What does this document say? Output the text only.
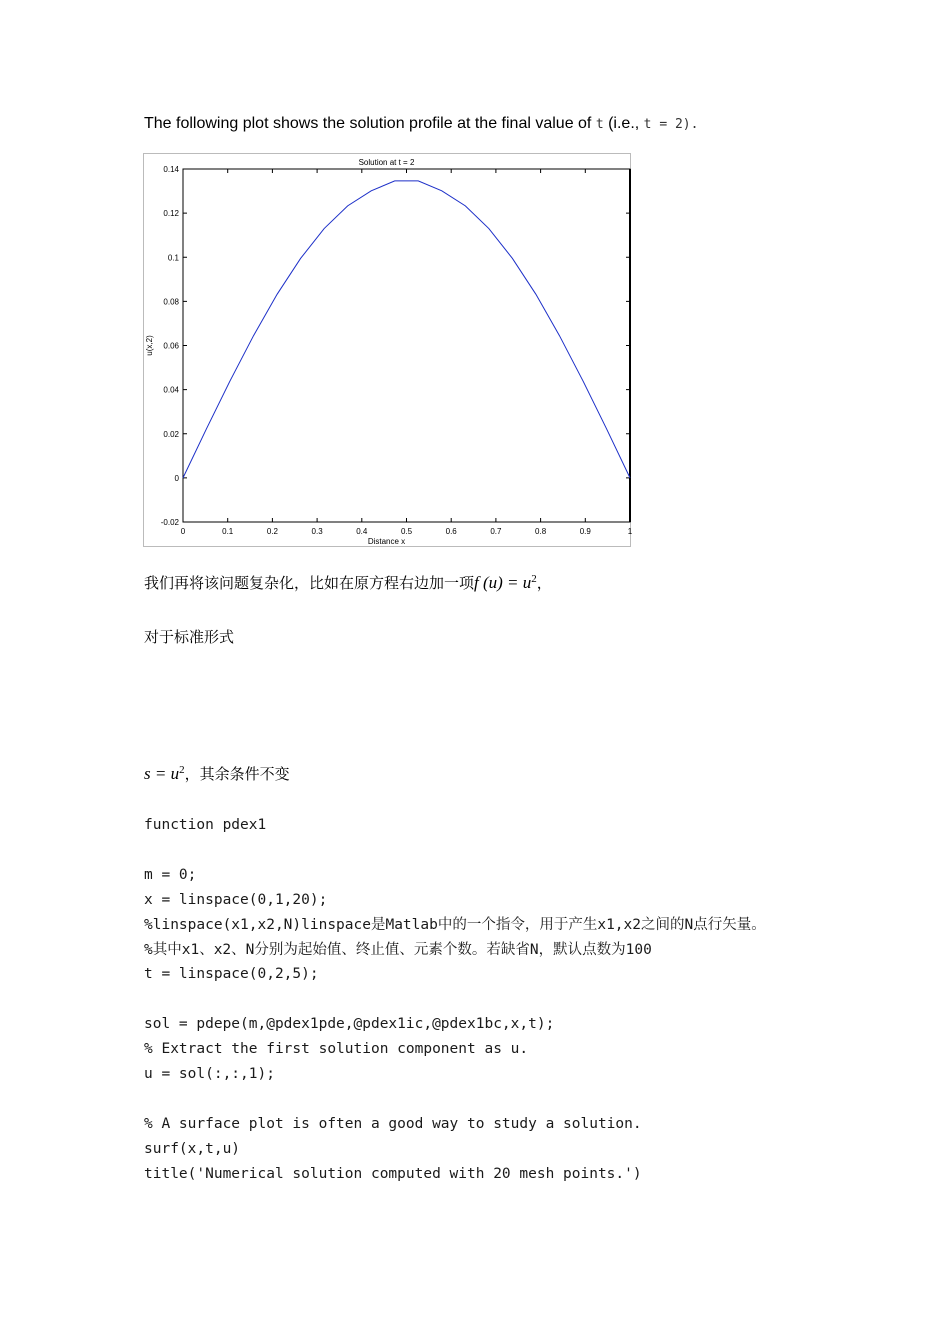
The following plot shows the solution profile at the final value of t (i.e., t = 2).

0	0.1	0.2	0.3	0.4	0.5	0.6	0.7	0.8	0.9	1
-0.02
0
0.02
0.04
0.06
0.08
0.1
0.12
0.14
Solution at t = 2
Distance x
u(x,2)

我们再将该问题复杂化，比如在原方程右边加一项f $(u) = u^2$，

对于标准形式

$s = u^2$，其余条件不变

function pdex1
m = 0;
x = linspace(0,1,20);
%linspace(x1,x2,N)linspace是Matlab中的一个指令，用于产生x1,x2之间的N点行矢量。
%其中x1、x2、N分别为起始值、终止值、元素个数。若缺省N，默认点数为100
t = linspace(0,2,5);
sol = pdepe(m,@pdex1pde,@pdex1ic,@pdex1bc,x,t);
% Extract the first solution component as u.
u = sol(:,:,1);
% A surface plot is often a good way to study a solution.
surf(x,t,u)
title('Numerical solution computed with 20 mesh points.')
